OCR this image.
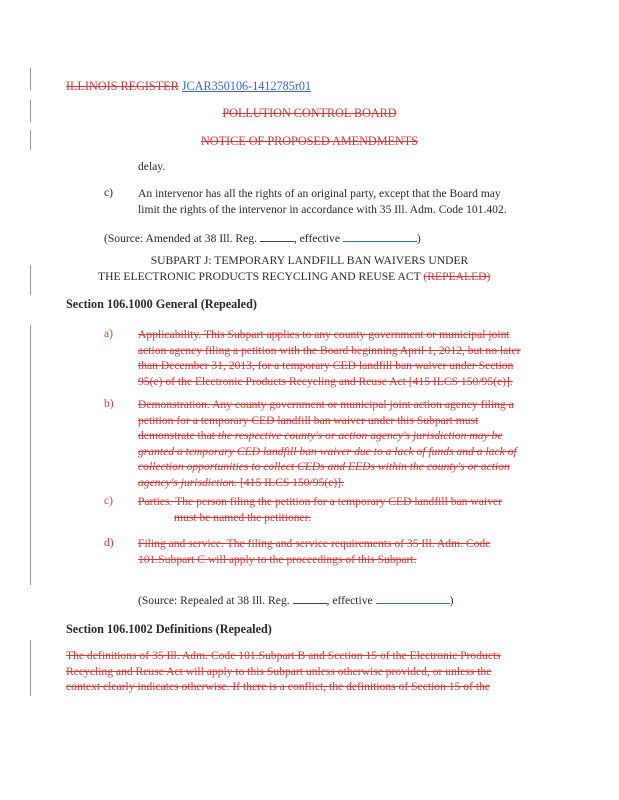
ILLINOIS REGISTER JCAR350106-1412785r01
POLLUTION CONTROL BOARD
NOTICE OF PROPOSED AMENDMENTS
delay.
c) An intervenor has all the rights of an original party, except that the Board may
limit the rights of the intervenor in accordance with 35 Ill. Adm. Code 101.402.
(Source: Amended at 38 Ill. Reg.	, effective	)
SUBPART J: TEMPORARY LANDFILL BAN WAIVERS UNDER
THE ELECTRONIC PRODUCTS RECYCLING AND REUSE ACT (REPEALED)
Section 106.1000 General (Repealed)
a) Applicability. This Subpart applies to any county government or municipal joint
action agency filing a petition with the Board beginning April 1, 2012, but no later
than December 31, 2013, for a temporary CED landfill ban waiver under Section
95(e) of the Electronic Products Recycling and Reuse Act [415 ILCS 150/95(e)].
b) Demonstration. Any county government or municipal joint action agency filing a
petition for a temporary CED landfill ban waiver under this Subpart must
demonstrate that the respective county's or action agency's jurisdiction may be
granted a temporary CED landfill ban waiver due to a lack of funds and a lack of
collection opportunities to collect CEDs and EEDs within the county's or action
agency's jurisdiction. [415 ILCS 150/95(e)].
c) Parties. The person filing the petition for a temporary CED landfill ban waiver
must be named the petitioner.
d) Filing and service. The filing and service requirements of 35 Ill. Adm. Code
101.Subpart C will apply to the proceedings of this Subpart.
(Source: Repealed at 38 Ill. Reg.	, effective	)
Section 106.1002 Definitions (Repealed)
The definitions of 35 Ill. Adm. Code 101.Subpart B and Section 15 of the Electronic Products
Recycling and Reuse Act will apply to this Subpart unless otherwise provided, or unless the
context clearly indicates otherwise. If there is a conflict, the definitions of Section 15 of the
